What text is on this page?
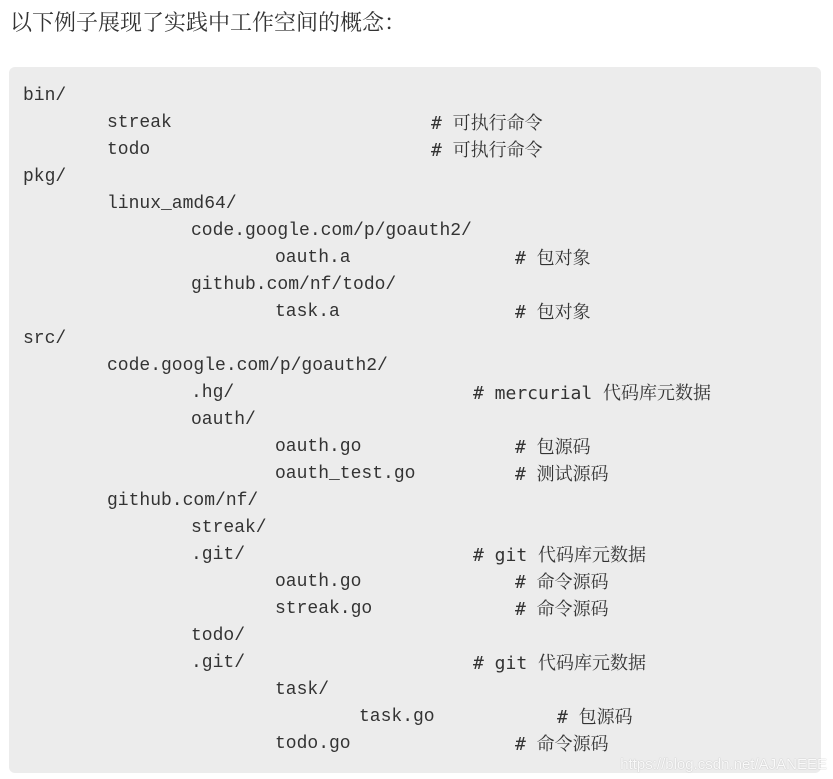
以下例子展现了实践中工作空间的概念：
bin/
streak	# 可执行命令
todo	# 可执行命令
pkg/
linux_amd64/
code.google.com/p/goauth2/
oauth.a	# 包对象
github.com/nf/todo/
task.a	# 包对象
src/
code.google.com/p/goauth2/
.hg/	# mercurial 代码库元数据
oauth/
oauth.go	# 包源码
oauth_test.go	# 测试源码
github.com/nf/
streak/
.git/	# git 代码库元数据
oauth.go	# 命令源码
streak.go	# 命令源码
todo/
.git/	# git 代码库元数据
task/
task.go	# 包源码
todo.go	# 命令源码
https://blog.csdn.net/AJANEEE
